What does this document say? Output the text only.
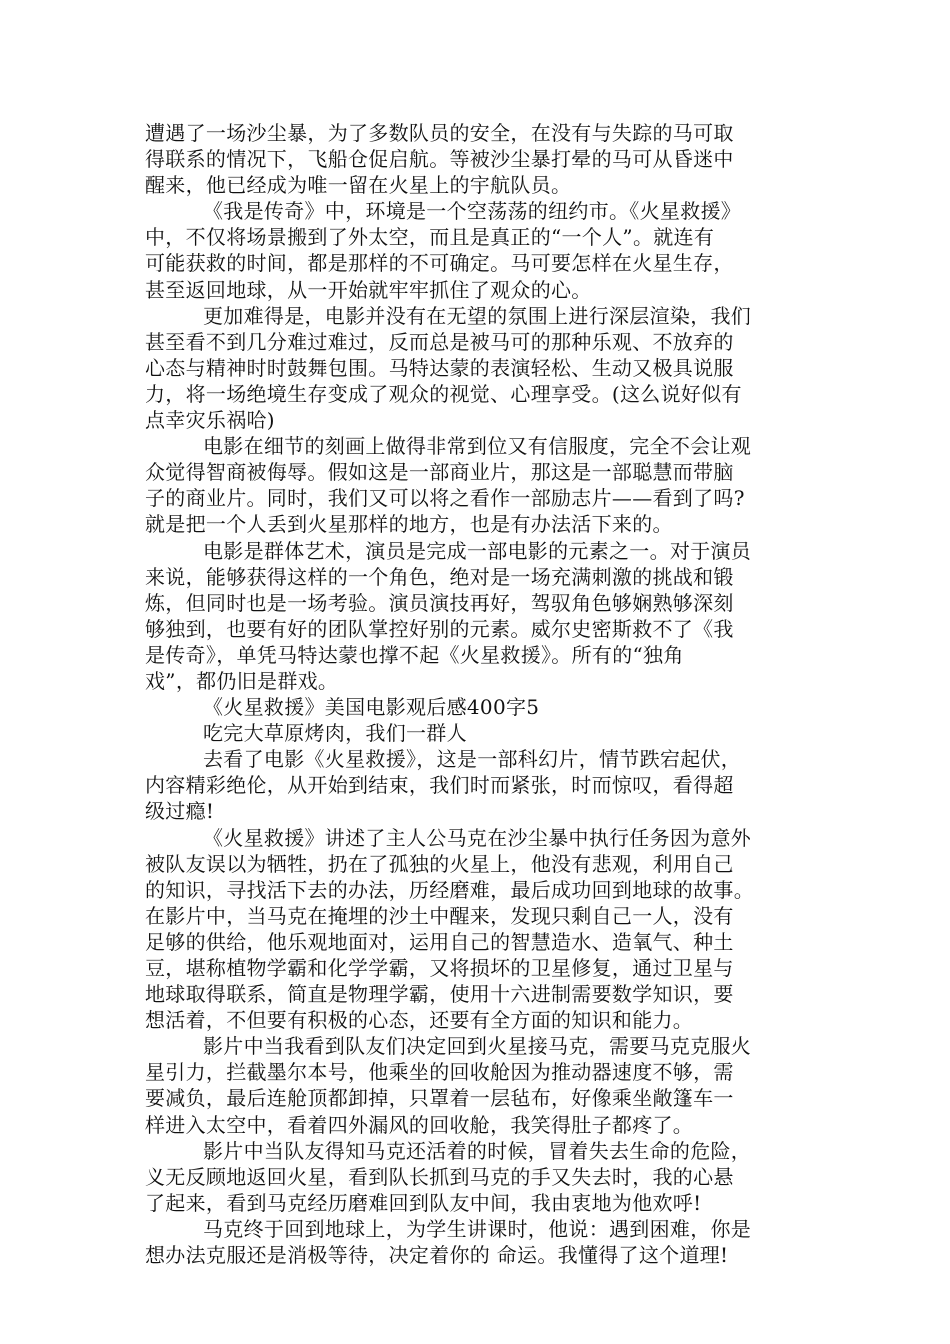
遭遇了一场沙尘暴，为了多数队员的安全，在没有与失踪的马可取
得联系的情况下，飞船仓促启航。等被沙尘暴打晕的马可从昏迷中
醒来，他已经成为唯一留在火星上的宇航队员。
《我是传奇》中，环境是一个空荡荡的纽约市。《火星救援》
中，不仅将场景搬到了外太空，而且是真正的“一个人”。就连有
可能获救的时间，都是那样的不可确定。马可要怎样在火星生存，
甚至返回地球，从一开始就牢牢抓住了观众的心。
更加难得是，电影并没有在无望的氛围上进行深层渲染，我们
甚至看不到几分难过难过，反而总是被马可的那种乐观、不放弃的
心态与精神时时鼓舞包围。马特达蒙的表演轻松、生动又极具说服
力，将一场绝境生存变成了观众的视觉、心理享受。(这么说好似有
点幸灾乐祸哈)
电影在细节的刻画上做得非常到位又有信服度，完全不会让观
众觉得智商被侮辱。假如这是一部商业片，那这是一部聪慧而带脑
子的商业片。同时，我们又可以将之看作一部励志片——看到了吗?
就是把一个人丢到火星那样的地方，也是有办法活下来的。
电影是群体艺术，演员是完成一部电影的元素之一。对于演员
来说，能够获得这样的一个角色，绝对是一场充满刺激的挑战和锻
炼，但同时也是一场考验。演员演技再好，驾驭角色够娴熟够深刻
够独到，也要有好的团队掌控好别的元素。威尔史密斯救不了《我
是传奇》，单凭马特达蒙也撑不起《火星救援》。所有的“独角
戏”，都仍旧是群戏。
《火星救援》美国电影观后感400字5
吃完大草原烤肉，我们一群人
去看了电影《火星救援》，这是一部科幻片，情节跌宕起伏，
内容精彩绝伦，从开始到结束，我们时而紧张，时而惊叹，看得超
级过瘾!
《火星救援》讲述了主人公马克在沙尘暴中执行任务因为意外
被队友误以为牺牲，扔在了孤独的火星上，他没有悲观，利用自己
的知识，寻找活下去的办法，历经磨难，最后成功回到地球的故事。
在影片中，当马克在掩埋的沙土中醒来，发现只剩自己一人，没有
足够的供给，他乐观地面对，运用自己的智慧造水、造氧气、种土
豆，堪称植物学霸和化学学霸，又将损坏的卫星修复，通过卫星与
地球取得联系，简直是物理学霸，使用十六进制需要数学知识，要
想活着，不但要有积极的心态，还要有全方面的知识和能力。
影片中当我看到队友们决定回到火星接马克，需要马克克服火
星引力，拦截墨尔本号，他乘坐的回收舱因为推动器速度不够，需
要减负，最后连舱顶都卸掉，只罩着一层毡布，好像乘坐敞篷车一
样进入太空中，看着四外漏风的回收舱，我笑得肚子都疼了。
影片中当队友得知马克还活着的时候，冒着失去生命的危险，
义无反顾地返回火星，看到队长抓到马克的手又失去时，我的心悬
了起来，看到马克经历磨难回到队友中间，我由衷地为他欢呼!
马克终于回到地球上，为学生讲课时，他说：遇到困难，你是
想办法克服还是消极等待，决定着你的 命运。我懂得了这个道理!
